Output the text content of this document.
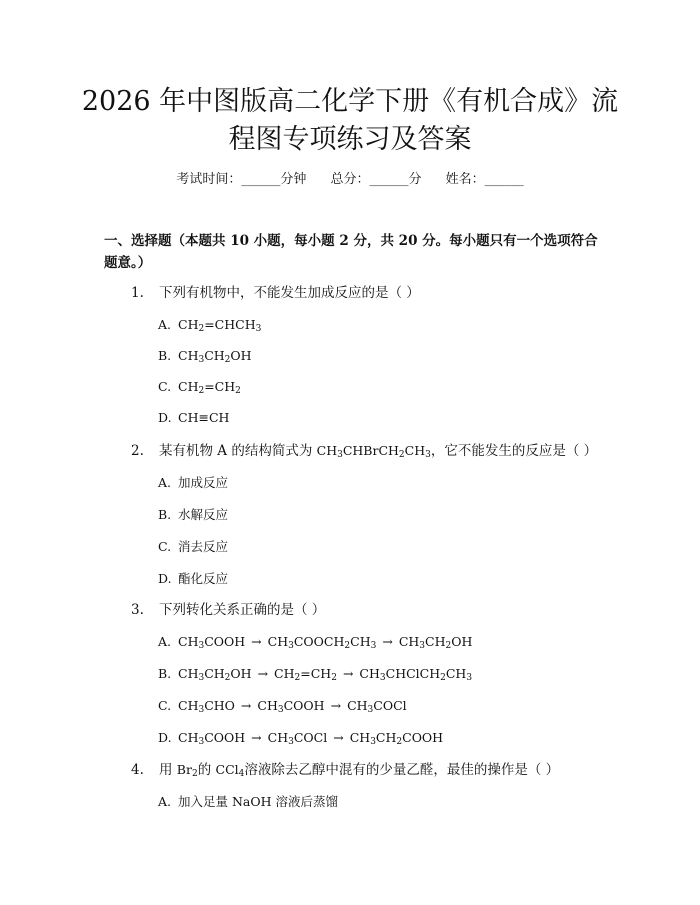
2026 年中图版高二化学下册《有机合成》流
程图专项练习及答案
考试时间：______分钟 总分：______分 姓名：______
一、选择题（本题共 10 小题，每小题 2 分，共 20 分。每小题只有一个选项符合题意。）
1. 下列有机物中，不能发生加成反应的是（ ）
A. $CH_2=CHCH_3$
B. $CH_3CH_2OH$
C. $CH_2=CH_2$
D. CH≡CH
2. 某有机物 A 的结构简式为 $CH_3CHBrCH_2CH_3$，它不能发生的反应是（ ）
A. 加成反应
B. 水解反应
C. 消去反应
D. 酯化反应
3. 下列转化关系正确的是（ ）
A. $CH_3COOH$ → $CH_3COOCH_2CH_3 \to CH_3CH_2OH$
B. $CH_3CH_2OH \to CH_2=CH_2$ → $CH_3CHClCH_2CH_3$
C. $CH_3CHO$ → $CH_3COOH$ → $CH_3COCl$
D. $CH_3COOH$ → $CH_3COCl$ → $CH_3CH_2COOH$
4. 用 $Br_2$的 CCl$_4$溶液除去乙醇中混有的少量乙醛，最佳的操作是（ ）
A. 加入足量 NaOH 溶液后蒸馏
